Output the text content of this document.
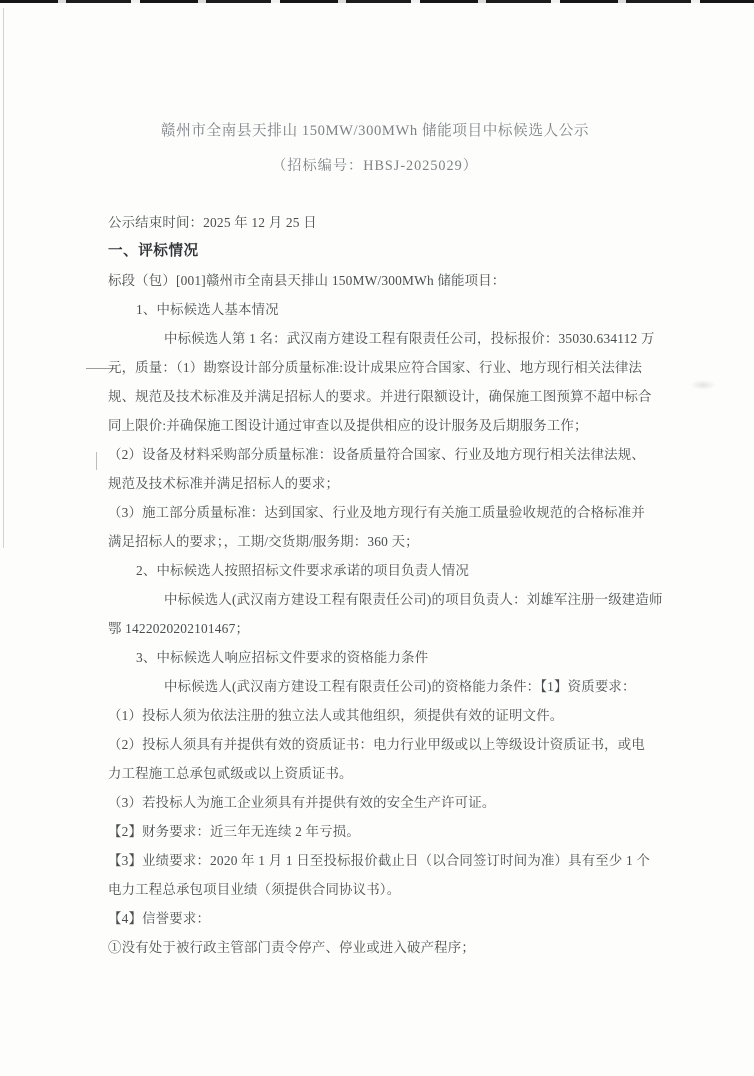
赣州市全南县天排山 150MW/300MWh 储能项目中标候选人公示
（招标编号：HBSJ-2025029）
公示结束时间：2025 年 12 月 25 日
一、评标情况
标段（包）[001]赣州市全南县天排山 150MW/300MWh 储能项目：
1、中标候选人基本情况
中标候选人第 1 名：武汉南方建设工程有限责任公司，投标报价：35030.634112 万
元，质量：（1）勘察设计部分质量标准:设计成果应符合国家、行业、地方现行相关法律法
规、规范及技术标准及并满足招标人的要求。并进行限额设计，确保施工图预算不超中标合
同上限价:并确保施工图设计通过审查以及提供相应的设计服务及后期服务工作；
（2）设备及材料采购部分质量标准：设备质量符合国家、行业及地方现行相关法律法规、
规范及技术标准并满足招标人的要求；
（3）施工部分质量标准：达到国家、行业及地方现行有关施工质量验收规范的合格标准并
满足招标人的要求；，工期/交货期/服务期：360 天；
2、中标候选人按照招标文件要求承诺的项目负责人情况
中标候选人(武汉南方建设工程有限责任公司)的项目负责人：刘雄军注册一级建造师
鄂 1422020202101467；
3、中标候选人响应招标文件要求的资格能力条件
中标候选人(武汉南方建设工程有限责任公司)的资格能力条件：【1】资质要求：
（1）投标人须为依法注册的独立法人或其他组织，须提供有效的证明文件。
（2）投标人须具有并提供有效的资质证书：电力行业甲级或以上等级设计资质证书，或电
力工程施工总承包贰级或以上资质证书。
（3）若投标人为施工企业须具有并提供有效的安全生产许可证。
【2】财务要求：近三年无连续 2 年亏损。
【3】业绩要求：2020 年 1 月 1 日至投标报价截止日（以合同签订时间为准）具有至少 1 个
电力工程总承包项目业绩（须提供合同协议书）。
【4】信誉要求：
①没有处于被行政主管部门责令停产、停业或进入破产程序；
